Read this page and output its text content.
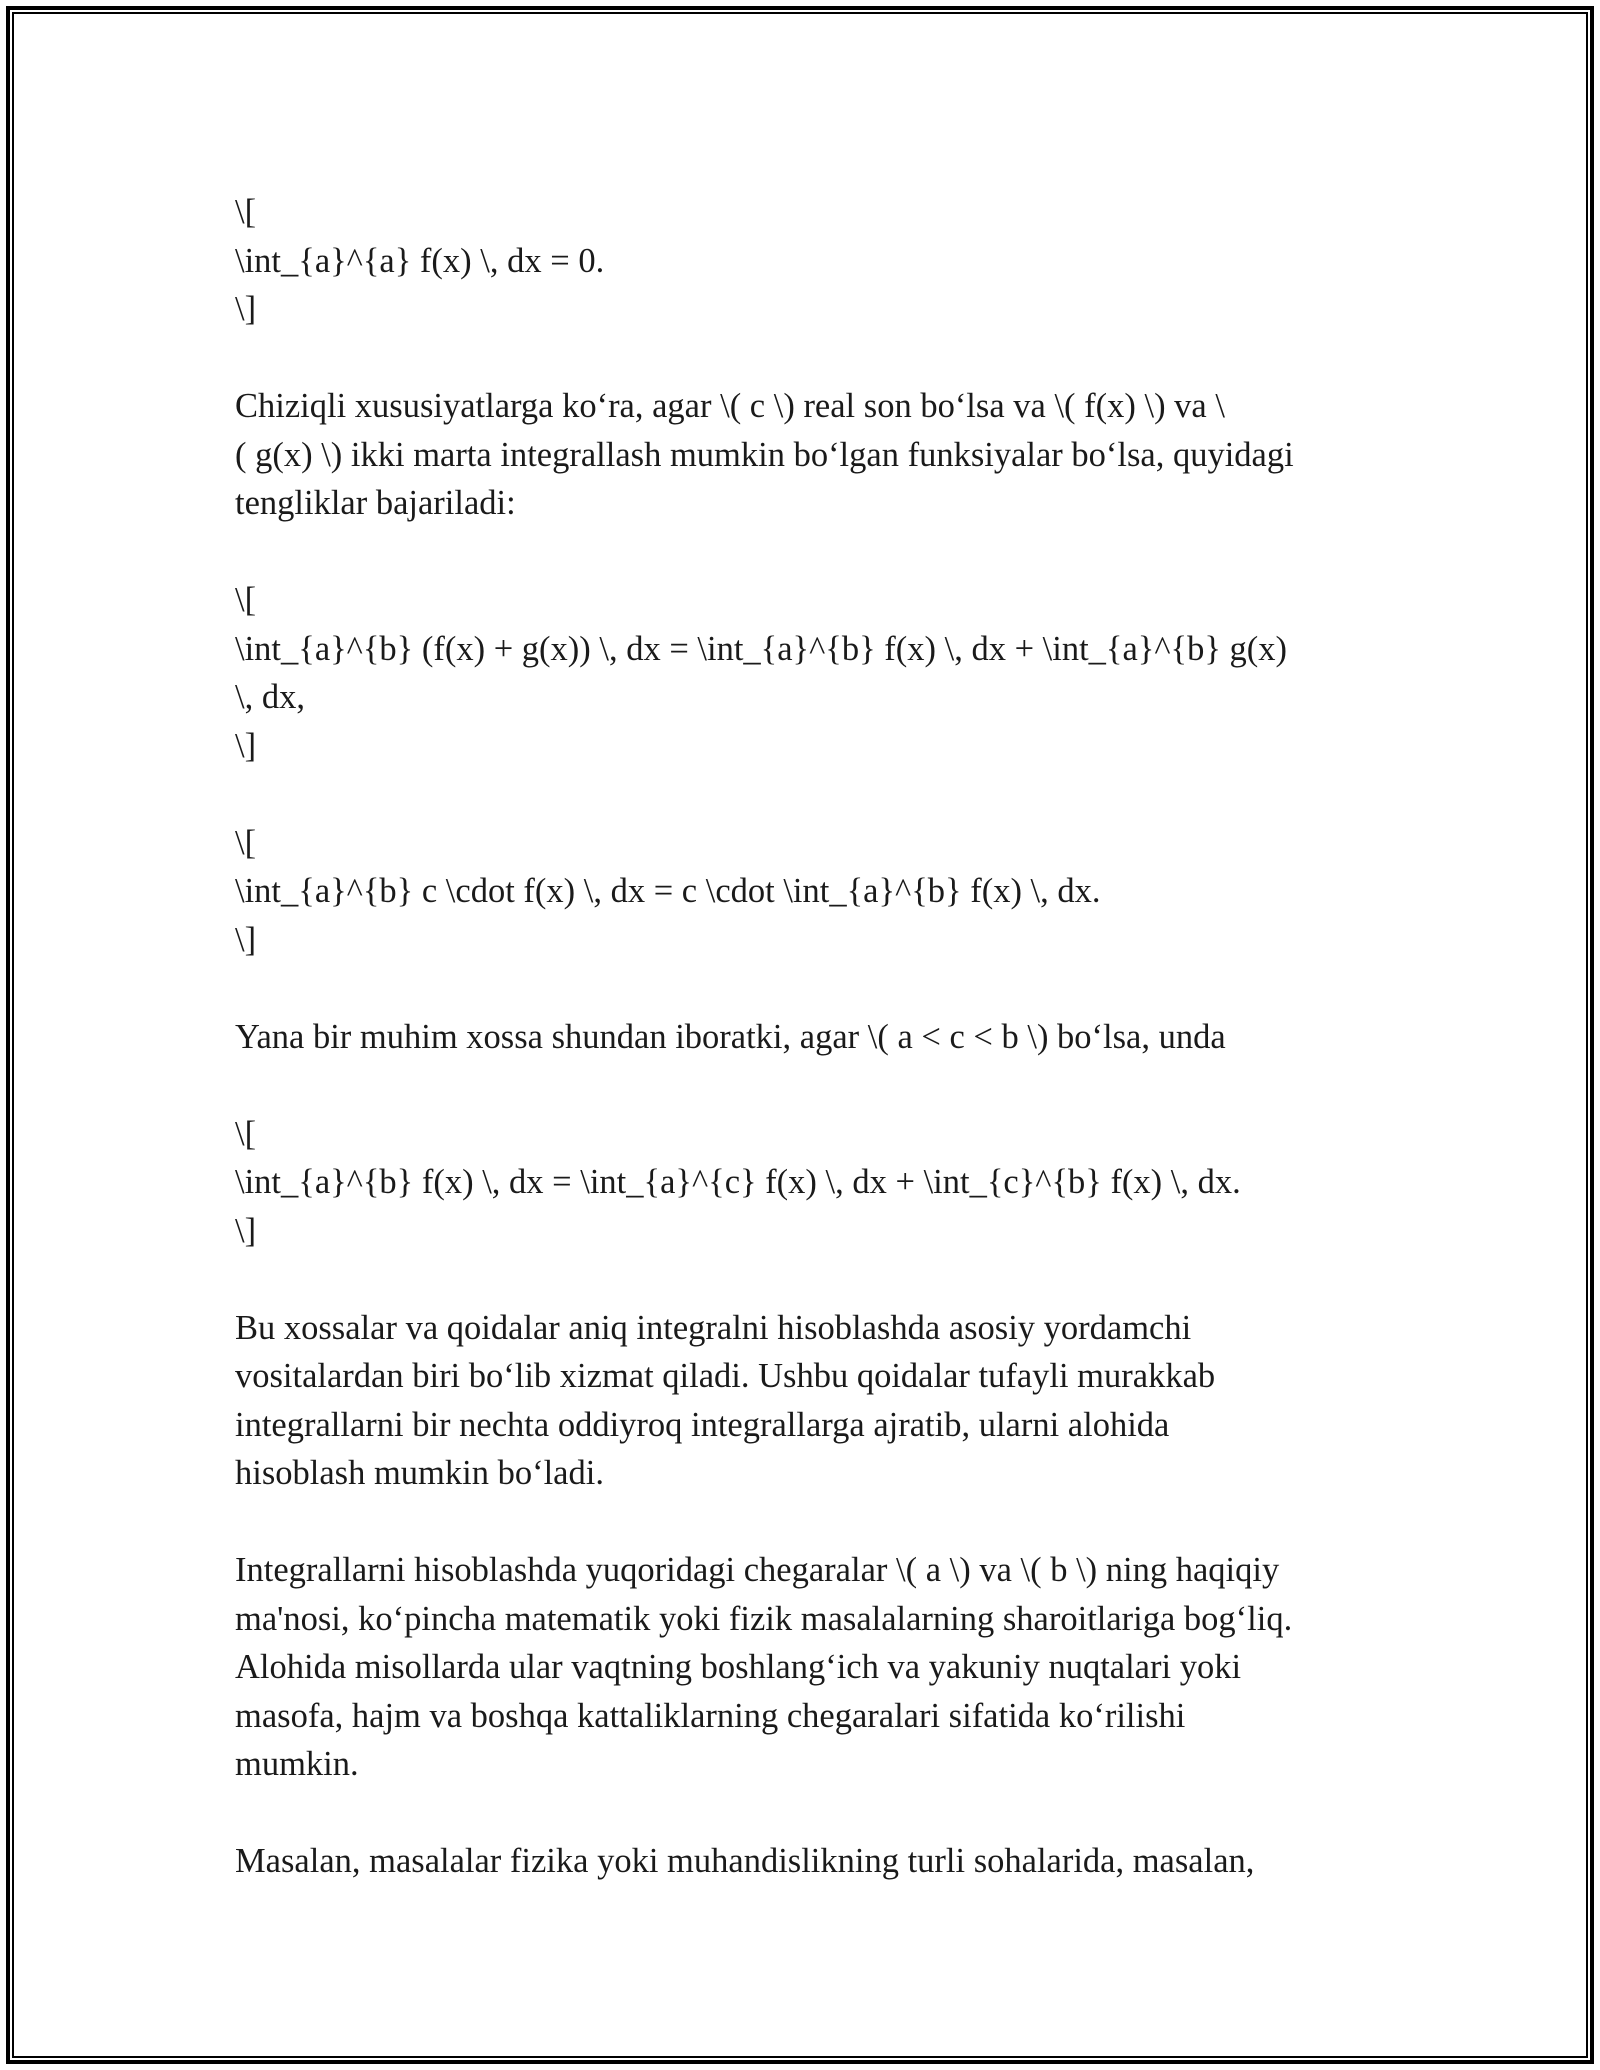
\[
\int_{a}^{a} f(x) \, dx = 0.
\]
Chiziqli xususiyatlarga ko‘ra, agar \( c \) real son bo‘lsa va \( f(x) \) va \
( g(x) \) ikki marta integrallash mumkin bo‘lgan funksiyalar bo‘lsa, quyidagi
tengliklar bajariladi:
\[
\int_{a}^{b} (f(x) + g(x)) \, dx = \int_{a}^{b} f(x) \, dx + \int_{a}^{b} g(x)
\, dx,
\]
\[
\int_{a}^{b} c \cdot f(x) \, dx = c \cdot \int_{a}^{b} f(x) \, dx.
\]
Yana bir muhim xossa shundan iboratki, agar \( a < c < b \) bo‘lsa, unda
\[
\int_{a}^{b} f(x) \, dx = \int_{a}^{c} f(x) \, dx + \int_{c}^{b} f(x) \, dx.
\]
Bu xossalar va qoidalar aniq integralni hisoblashda asosiy yordamchi
vositalardan biri bo‘lib xizmat qiladi. Ushbu qoidalar tufayli murakkab
integrallarni bir nechta oddiyroq integrallarga ajratib, ularni alohida
hisoblash mumkin bo‘ladi.
Integrallarni hisoblashda yuqoridagi chegaralar \( a \) va \( b \) ning haqiqiy
ma'nosi, ko‘pincha matematik yoki fizik masalalarning sharoitlariga bog‘liq.
Alohida misollarda ular vaqtning boshlang‘ich va yakuniy nuqtalari yoki
masofa, hajm va boshqa kattaliklarning chegaralari sifatida ko‘rilishi
mumkin.
Masalan, masalalar fizika yoki muhandislikning turli sohalarida, masalan,
